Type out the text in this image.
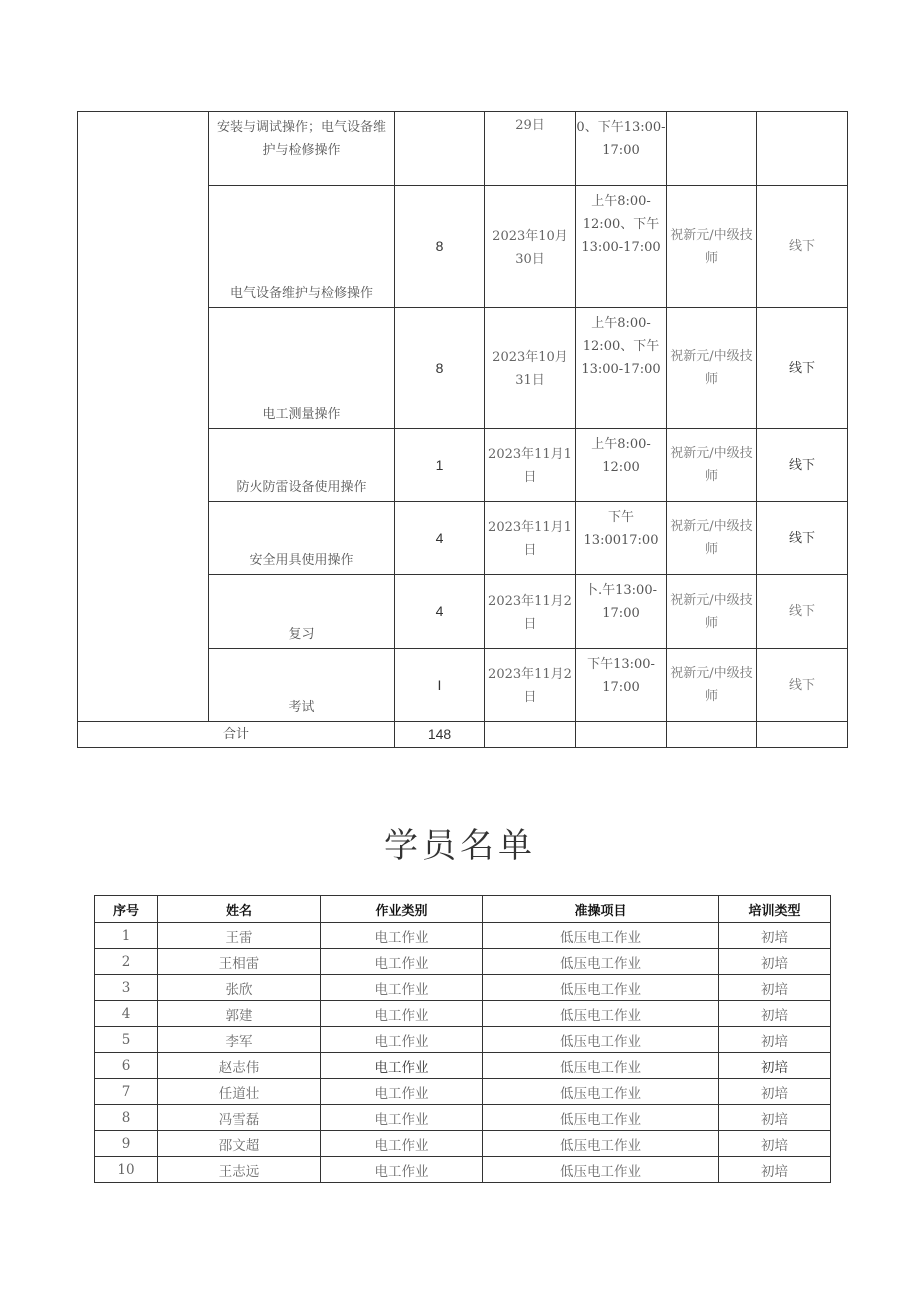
	安装与调试操作；电气设备维护与检修操作		29日	0、下午13:00-17:00		
	电气设备维护与检修操作	8	2023年10月30日	上午8:00-12:00、下午13:00-17:00	祝新元/中级技师	线下
	电工测量操作	8	2023年10月31日	上午8:00-12:00、下午13:00-17:00	祝新元/中级技师	线下
	防火防雷设备使用操作	1	2023年11月1日	上午8:00-12:00	祝新元/中级技师	线下
	安全用具使用操作	4	2023年11月1日	下午13:0017:00	祝新元/中级技师	线下
	复习	4	2023年11月2日	卜.午13:00-17:00	祝新元/中级技师	线下
	考试	I	2023年11月2日	下午13:00-17:00	祝新元/中级技师	线下
合计		148				
学员名单
序号	姓名	作业类别	准操项目	培训类型
1	王雷	电工作业	低压电工作业	初培
2	王相雷	电工作业	低压电工作业	初培
3	张欣	电工作业	低压电工作业	初培
4	郭建	电工作业	低压电工作业	初培
5	李军	电工作业	低压电工作业	初培
6	赵志伟	电工作业	低压电工作业	初培
7	任道壮	电工作业	低压电工作业	初培
8	冯雪磊	电工作业	低压电工作业	初培
9	邵文超	电工作业	低压电工作业	初培
10	王志远	电工作业	低压电工作业	初培
